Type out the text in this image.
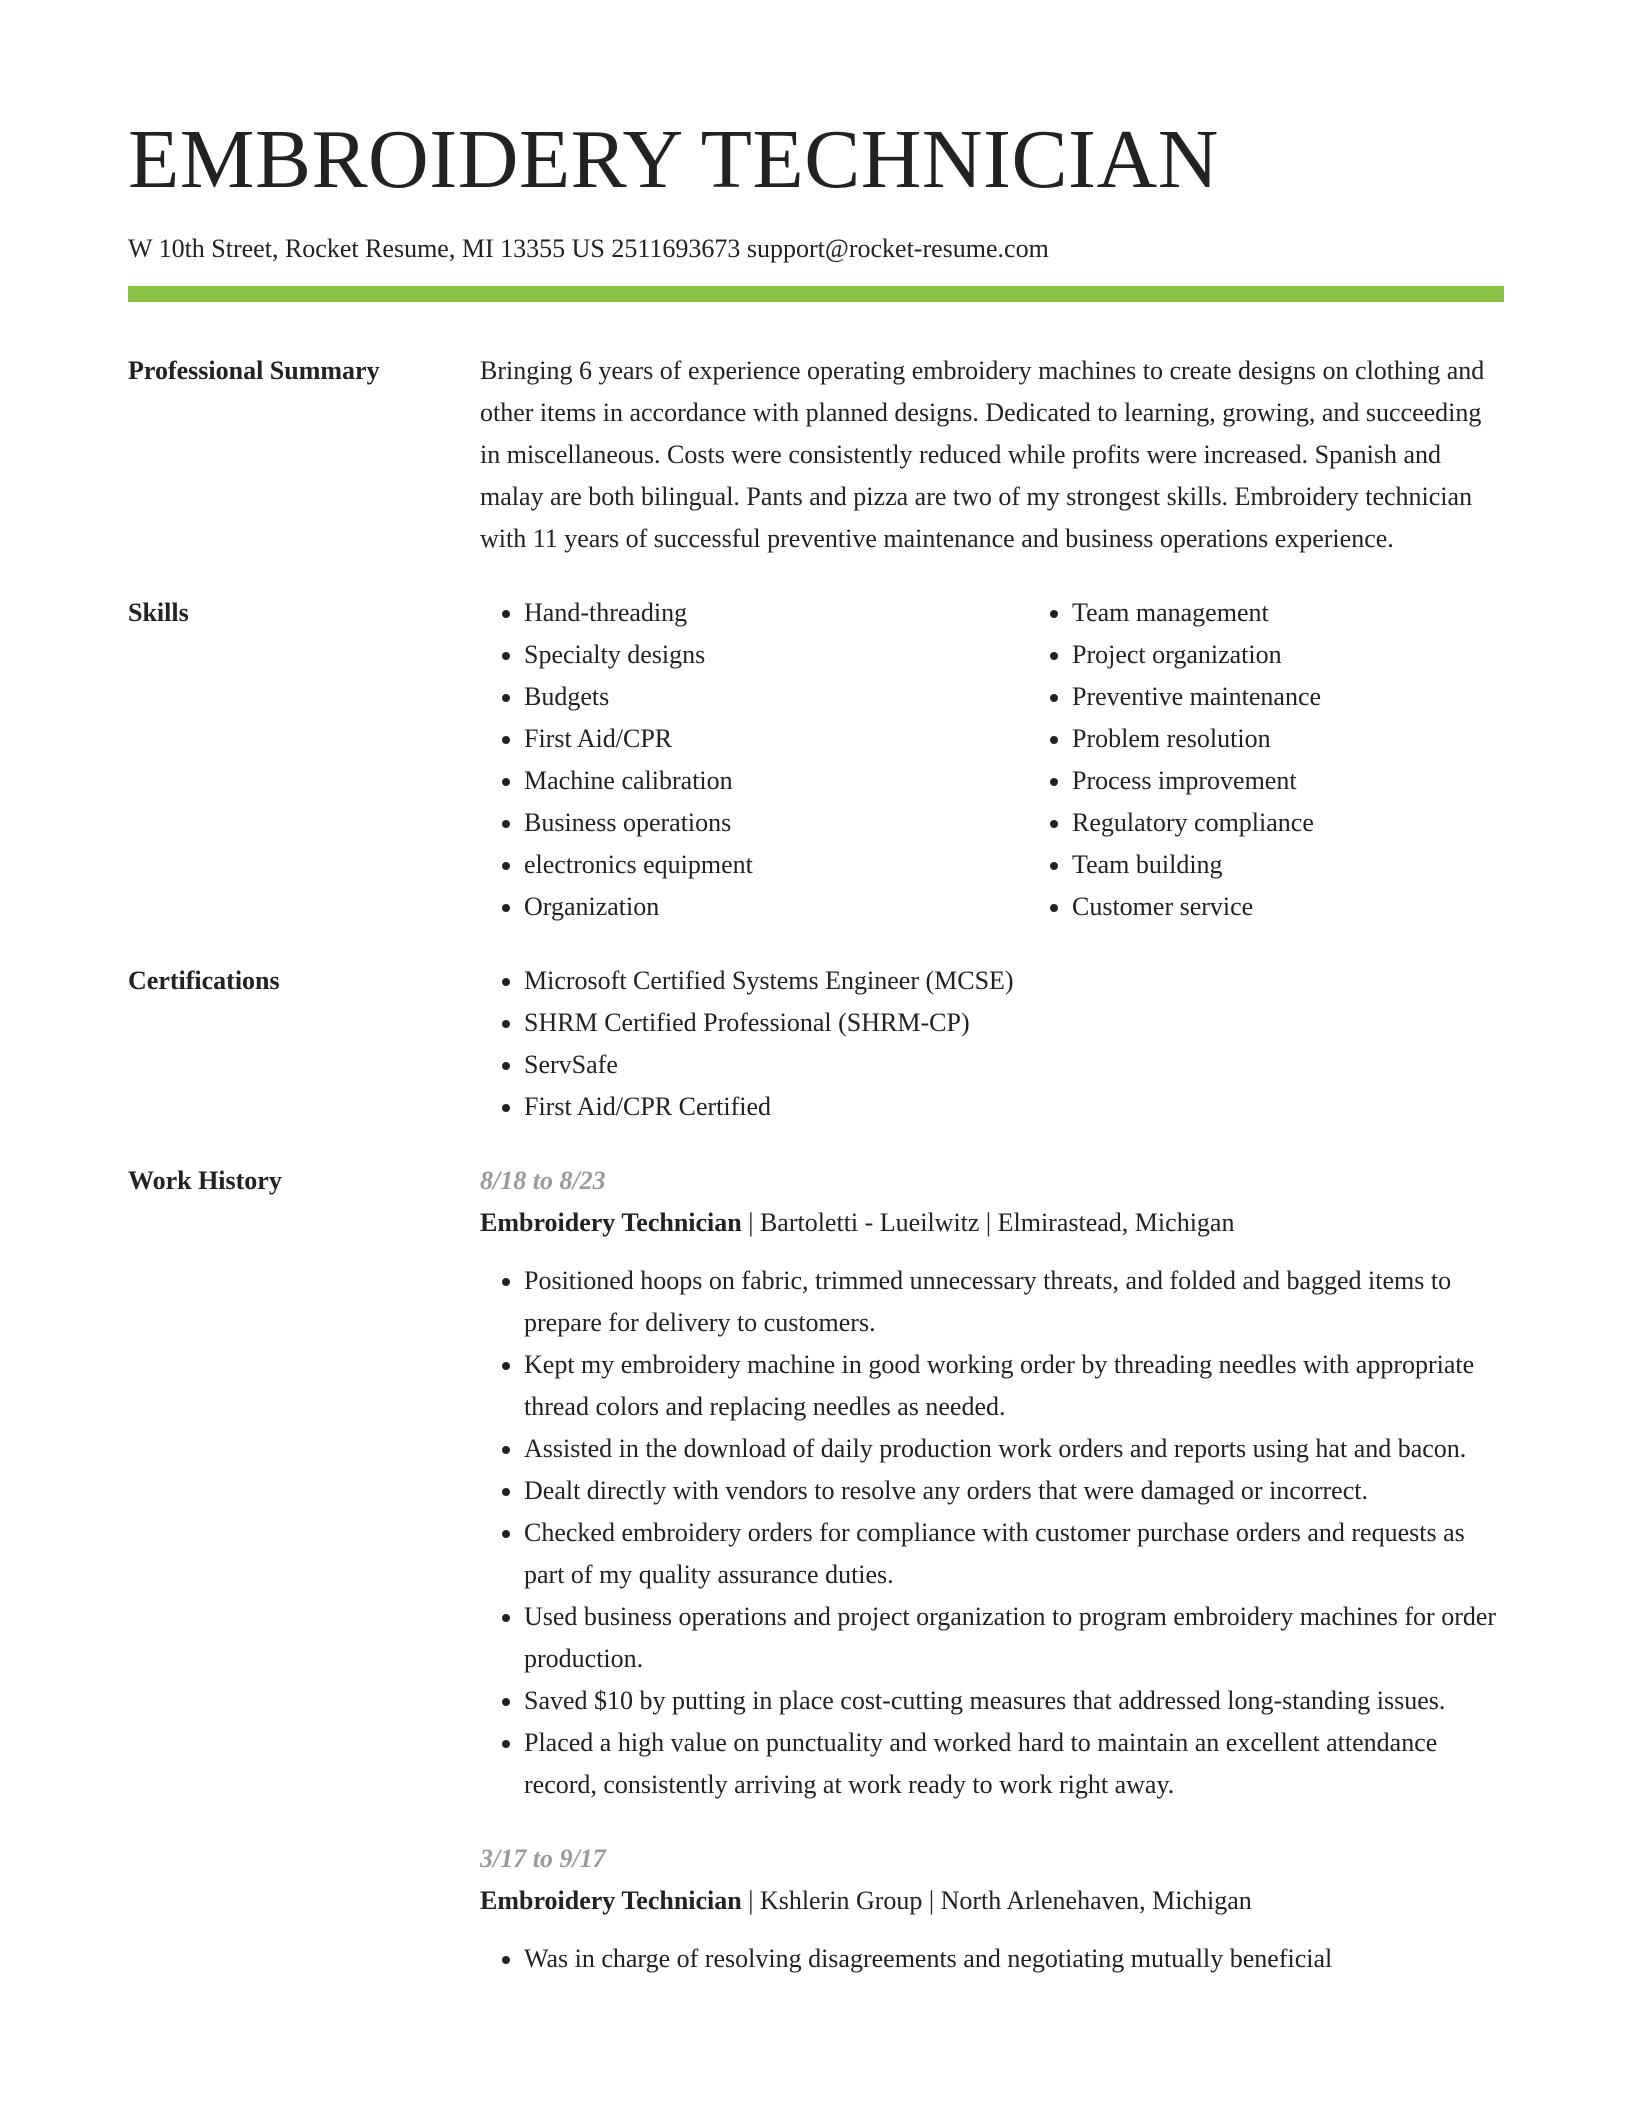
EMBROIDERY TECHNICIAN
W 10th Street, Rocket Resume, MI 13355 US 2511693673 support@rocket-resume.com
Professional Summary	Bringing 6 years of experience operating embroidery machines to create designs on clothing and other items in accordance with planned designs. Dedicated to learning, growing, and succeeding in miscellaneous. Costs were consistently reduced while profits were increased. Spanish and malay are both bilingual. Pants and pizza are two of my strongest skills. Embroidery technician with 11 years of successful preventive maintenance and business operations experience.

Skills	• Hand-threading
• Specialty designs
• Budgets
• First Aid/CPR
• Machine calibration
• Business operations
• electronics equipment
• Organization
• Team management
• Project organization
• Preventive maintenance
• Problem resolution
• Process improvement
• Regulatory compliance
• Team building
• Customer service
Certifications	• Microsoft Certified Systems Engineer (MCSE)
• SHRM Certified Professional (SHRM-CP)
• ServSafe
• First Aid/CPR Certified
Work History	8/18 to 8/23
Embroidery Technician | Bartoletti - Lueilwitz | Elmirastead, Michigan
• Positioned hoops on fabric, trimmed unnecessary threats, and folded and bagged items to prepare for delivery to customers.
• Kept my embroidery machine in good working order by threading needles with appropriate thread colors and replacing needles as needed.
• Assisted in the download of daily production work orders and reports using hat and bacon.
• Dealt directly with vendors to resolve any orders that were damaged or incorrect.
• Checked embroidery orders for compliance with customer purchase orders and requests as part of my quality assurance duties.
• Used business operations and project organization to program embroidery machines for order production.
• Saved $10 by putting in place cost-cutting measures that addressed long-standing issues.
• Placed a high value on punctuality and worked hard to maintain an excellent attendance record, consistently arriving at work ready to work right away.
3/17 to 9/17
Embroidery Technician | Kshlerin Group | North Arlenehaven, Michigan
• Was in charge of resolving disagreements and negotiating mutually beneficial
